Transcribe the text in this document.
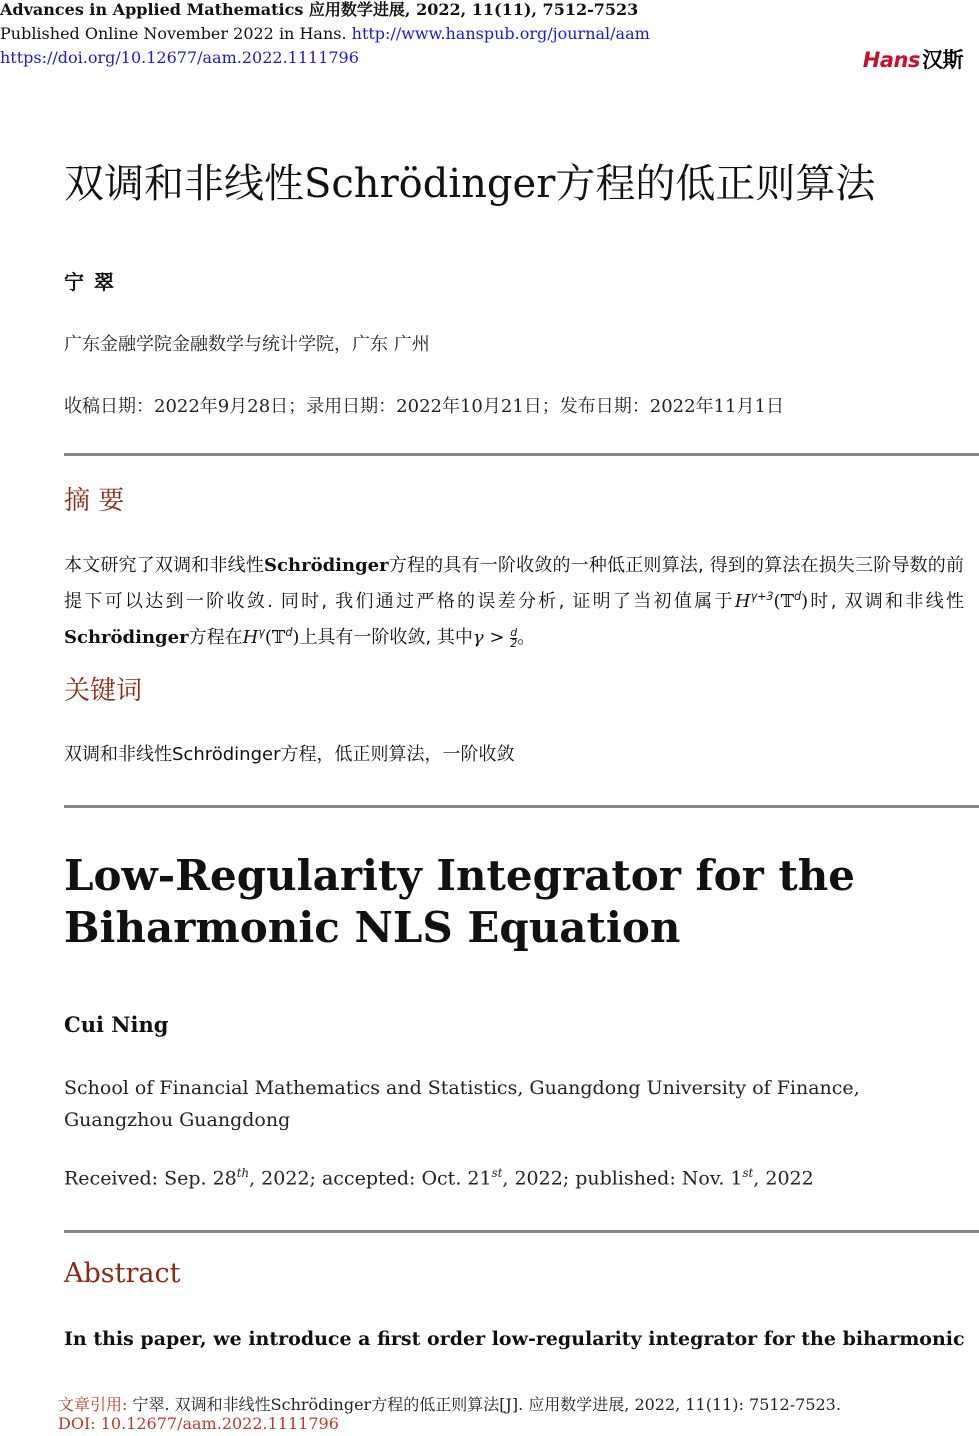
Advances in Applied Mathematics 应用数学进展, 2022, 11(11), 7512-7523
Published Online November 2022 in Hans. http://www.hanspub.org/journal/aam
https://doi.org/10.12677/aam.2022.1111796	Hans汉斯
双调和非线性Schrödinger方程的低正则算法
宁翠
广东金融学院金融数学与统计学院，广东 广州
收稿日期：2022年9月28日；录用日期：2022年10月21日；发布日期：2022年11月1日
摘 要
本文研究了双调和非线性Schrödinger方程的具有一阶收敛的一种低正则算法, 得到的算法在损失三阶导数的前提下可以达到一阶收敛. 同时, 我们通过严格的误差分析, 证明了当初值属于$H^{\gamma+3}(𝕋^d)$时, 双调和非线性Schrödinger方程在$H^\gamma(𝕋^d)$上具有一阶收敛, 其中$\gamma > \frac{d}{2}$ 。
关键词
双调和非线性Schrödinger方程，低正则算法，一阶收敛
Low-Regularity Integrator for the
Biharmonic NLS Equation
Cui Ning
School of Financial Mathematics and Statistics, Guangdong University of Finance, Guangzhou Guangdong
Received: Sep. 28th, 2022; accepted: Oct. 21st, 2022; published: Nov. 1st, 2022
Abstract
In this paper, we introduce a first order low-regularity integrator for the biharmonic
文章引用: 宁翠. 双调和非线性Schrödinger方程的低正则算法[J]. 应用数学进展, 2022, 11(11): 7512-7523.
DOI: 10.12677/aam.2022.1111796
